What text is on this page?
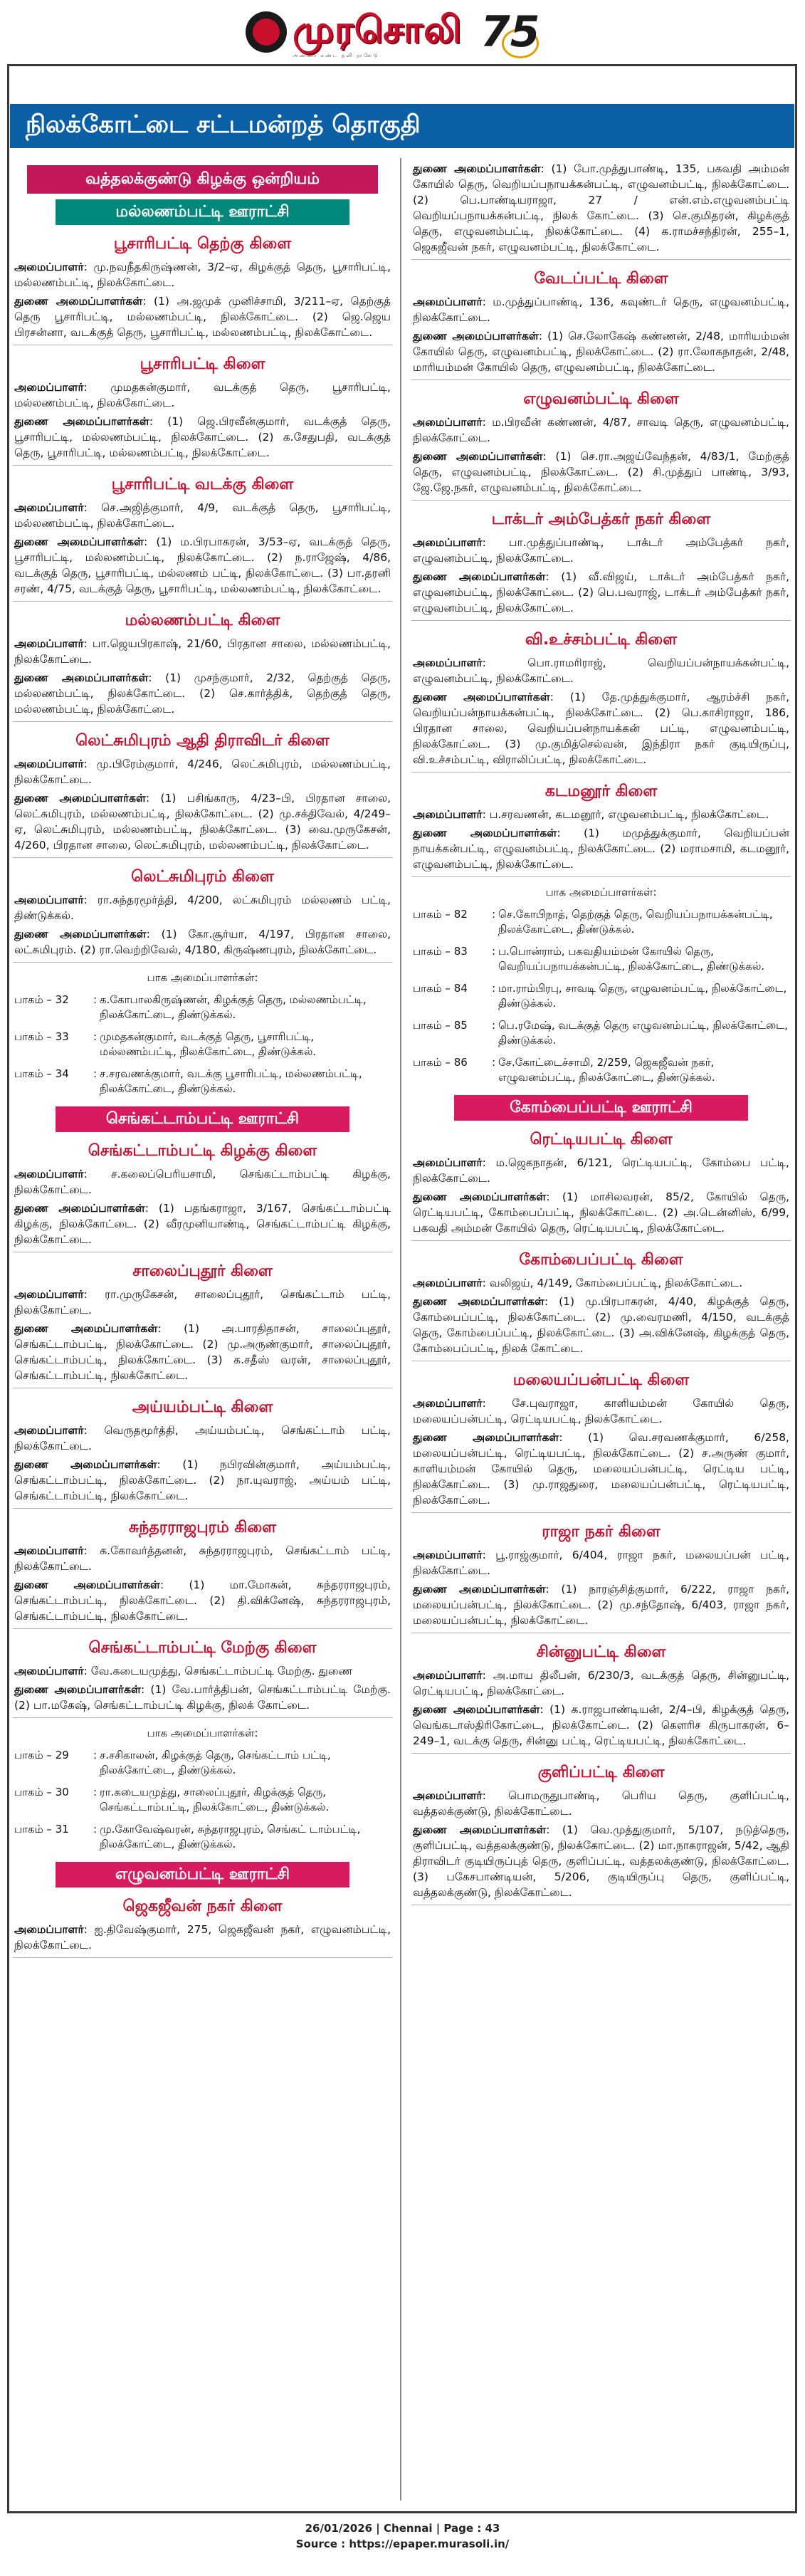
முரசொலி 75
அண்ணா கண்ட தனி நாளேடு
நிலக்கோட்டை சட்டமன்றத் தொகுதி
வத்தலக்குண்டு கிழக்கு ஒன்றியம்
மல்லணம்பட்டி ஊராட்சி
பூசாரிபட்டி தெற்கு கிளை

அமைப்பாளர்: மு.நவநீதகிருஷ்ணன், 3/2–ஏ, கிழக்குத் தெரு, பூசாரிபட்டி, மல்லணம்பட்டி, நிலக்கோட்டை.

துணை அமைப்பாளர்கள்: (1) அ.ஜமுக் முனிச்சாமி, 3/211–ஏ, தெற்குத் தெரு பூசாரிபட்டி, மல்லணம்பட்டி, நிலக்கோட்டை. (2) ஜெ.ஜெய பிரசன்னா, வடக்குத் தெரு, பூசாரிபட்டி, மல்லணம்பட்டி, நிலக்கோட்டை.

பூசாரிபட்டி கிளை

அமைப்பாளர்: முமதகன்குமார், வடக்குத் தெரு, பூசாரிபட்டி, மல்லணம்பட்டி, நிலக்கோட்டை.

துணை அமைப்பாளர்கள்: (1) ஜெ.பிரவீன்குமார், வடக்குத் தெரு, பூசாரிபட்டி, மல்லணம்பட்டி, நிலக்கோட்டை. (2) க.சேதுபதி, வடக்குத் தெரு, பூசாரிபட்டி, மல்லணம்பட்டி, நிலக்கோட்டை.

பூசாரிபட்டி வடக்கு கிளை

அமைப்பாளர்: செ.அஜித்குமார், 4/9, வடக்குத் தெரு, பூசாரிபட்டி, மல்லணம்பட்டி, நிலக்கோட்டை.

துணை அமைப்பாளர்கள்: (1) ம.பிரபாகரன், 3/53–ஏ, வடக்குத் தெரு, பூசாரிபட்டி, மல்லணம்பட்டி, நிலக்கோட்டை. (2) ந.ராஜேஷ், 4/86, வடக்குத் தெரு, பூசாரிபட்டி, மல்லணம் பட்டி, நிலக்கோட்டை. (3) பா.தரனி சரண், 4/75, வடக்குத் தெரு, பூசாரிபட்டி, மல்லணம்பட்டி, நிலக்கோட்டை.

மல்லணம்பட்டி கிளை

அமைப்பாளர்: பா.ஜெயபிரகாஷ், 21/60, பிரதான சாலை, மல்லணம்பட்டி, நிலக்கோட்டை.

துணை அமைப்பாளர்கள்: (1) முசந்குமார், 2/32, தெற்குத் தெரு, மல்லணம்பட்டி, நிலக்கோட்டை. (2) செ.கார்த்திக், தெற்குத் தெரு, மல்லணம்பட்டி, நிலக்கோட்டை.

லெட்சுமிபுரம் ஆதி திராவிடர் கிளை

அமைப்பாளர்: மு.பிரேம்குமார், 4/246, லெட்சுமிபுரம், மல்லணம்பட்டி, நிலக்கோட்டை.

துணை அமைப்பாளர்கள்: (1) பசிங்காரு, 4/23–பி, பிரதான சாலை, லெட்சுமிபுரம், மல்லணம்பட்டி, நிலக்கோட்டை. (2) மு.சக்திவேல், 4/249–ஏ, லெட்சுமிபுரம், மல்லணம்பட்டி, நிலக்கோட்டை. (3) வை.முருகேசன், 4/260, பிரதான சாலை, லெட்சுமிபுரம், மல்லணம்பட்டி, நிலக்கோட்டை.

லெட்சுமிபுரம் கிளை

அமைப்பாளர்: ரா.சுந்தரமூர்த்தி, 4/200, லட்சுமிபுரம் மல்லணம் பட்டி, திண்டுக்கல்.

துணை அமைப்பாளர்கள்: (1) கோ.சூர்யா, 4/197, பிரதான சாலை, லட்சுமிபுரம். (2) ரா.வெற்றிவேல், 4/180, கிருஷ்ணபுரம், நிலக்கோட்டை.

பாக அமைப்பாளர்கள்:
பாகம் – 32	:	க.கோபாலகிருஷ்ணன், கிழக்குத் தெரு, மல்லணம்பட்டி, நிலக்கோட்டை, திண்டுக்கல்.
பாகம் – 33	:	முமதகன்குமார், வடக்குத் தெரு, பூசாரிபட்டி, மல்லணம்பட்டி, நிலக்கோட்டை, திண்டுக்கல்.
பாகம் – 34	:	ச.சரவணக்குமார், வடக்கு பூசாரிபட்டி, மல்லணம்பட்டி, நிலக்கோட்டை, திண்டுக்கல்.
செங்கட்டாம்பட்டி ஊராட்சி
செங்கட்டாம்பட்டி கிழக்கு கிளை

அமைப்பாளர்: ச.கலைப்பெரியசாமி, செங்கட்டாம்பட்டி கிழக்கு, நிலக்கோட்டை.

துணை அமைப்பாளர்கள்: (1) பதங்கராஜா, 3/167, செங்கட்டாம்பட்டி கிழக்கு, நிலக்கோட்டை. (2) வீரமுனியாண்டி, செங்கட்டாம்பட்டி கிழக்கு, நிலக்கோட்டை.

சாலைப்புதூர் கிளை

அமைப்பாளர்: ரா.முருகேசன், சாலைப்புதூர், செங்கட்டாம் பட்டி, நிலக்கோட்டை.

துணை அமைப்பாளர்கள்: (1) அ.பாரதிதாசன், சாலைப்புதூர், செங்கட்டாம்பட்டி, நிலக்கோட்டை. (2) மு.அருண்குமார், சாலைப்புதூர், செங்கட்டாம்பட்டி, நிலக்கோட்டை. (3) க.சதீஸ் வரன், சாலைப்புதூர், செங்கட்டாம்பட்டி, நிலக்கோட்டை.

அய்யம்பட்டி கிளை

அமைப்பாளர்: வெருதமூர்த்தி, அய்யம்பட்டி, செங்கட்டாம் பட்டி, நிலக்கோட்டை.

துணை அமைப்பாளர்கள்: (1) நபிரவின்குமார், அய்யம்பட்டி, செங்கட்டாம்பட்டி, நிலக்கோட்டை. (2) நா.யுவராஜ், அய்யம் பட்டி, செங்கட்டாம்பட்டி, நிலக்கோட்டை.

சுந்தரராஜபுரம் கிளை

அமைப்பாளர்: க.கோவர்த்தனன், சுந்தரராஜபுரம், செங்கட்டாம் பட்டி, நிலக்கோட்டை.

துணை அமைப்பாளர்கள்: (1) மா.மோகன், சுந்தரராஜபுரம், செங்கட்டாம்பட்டி, நிலக்கோட்டை. (2) தி.விக்னேஷ், சுந்தரராஜபுரம், செங்கட்டாம்பட்டி, நிலக்கோட்டை.

செங்கட்டாம்பட்டி மேற்கு கிளை

அமைப்பாளர்: வே.கடையமுத்து, செங்கட்டாம்பட்டி மேற்கு. துணை

துணை அமைப்பாளர்கள்: (1) வே.பார்த்திபன், செங்கட்டாம்பட்டி மேற்கு. (2) பா.மகேஷ், செங்கட்டாம்பட்டி கிழக்கு, நிலக் கோட்டை.

பாக அமைப்பாளர்கள்:
பாகம் – 29	:	ச.சசிகாலன், கிழக்குத் தெரு, செங்கட்டாம் பட்டி, நிலக்கோட்டை, திண்டுக்கல்.
பாகம் – 30	:	ரா.கடையமுத்து, சாலைப்புதூர், கிழக்குத் தெரு, செங்கட்டாம்பட்டி, நிலக்கோட்டை, திண்டுக்கல்.
பாகம் – 31	:	மு.கோவேஷ்வரன், சுந்தராஜபுரம், செங்கட் டாம்பட்டி, நிலக்கோட்டை, திண்டுக்கல்.
எழுவனம்பட்டி ஊராட்சி
ஜெகஜீவன் நகர் கிளை

அமைப்பாளர்: ஐ.திவேஷ்குமார், 275, ஜெகஜீவன் நகர், எழுவனம்பட்டி, நிலக்கோட்டை.

துணை அமைப்பாளர்கள்: (1) போ.முத்துபாண்டி, 135, பகவதி அம்மன் கோயில் தெரு, வெறியப்பநாயக்கன்பட்டி, எழுவனம்பட்டி, நிலக்கோட்டை. (2) பெ.பாண்டியராஜா, 27 / என்.எம்.எழுவனம்பட்டி வெறியப்பநாயக்கன்பட்டி, நிலக் கோட்டை. (3) செ.குமிதரன், கிழக்குத் தெரு, எழுவனம்பட்டி, நிலக்கோட்டை. (4) க.ராமச்சந்திரன், 255–1, ஜெகஜீவன் நகர், எழுவனம்பட்டி, நிலக்கோட்டை.

வேடப்பட்டி கிளை

அமைப்பாளர்: ம.முத்துப்பாண்டி, 136, கவுண்டர் தெரு, எழுவனம்பட்டி, நிலக்கோட்டை.

துணை அமைப்பாளர்கள்: (1) செ.லோகேஷ் கண்ணன், 2/48, மாரியம்மன் கோயில் தெரு, எழுவனம்பட்டி, நிலக்கோட்டை. (2) ரா.லோகநாதன், 2/48, மாரியம்மன் கோயில் தெரு, எழுவனம்பட்டி, நிலக்கோட்டை.

எழுவனம்பட்டி கிளை

அமைப்பாளர்: ம.பிரவீன் கண்ணன், 4/87, சாவடி தெரு, எழுவனம்பட்டி, நிலக்கோட்டை.

துணை அமைப்பாளர்கள்: (1) செ.ரா.அஜய்வேந்தன், 4/83/1, மேற்குத் தெரு, எழுவனம்பட்டி, நிலக்கோட்டை. (2) சி.முத்துப் பாண்டி, 3/93, ஜே.ஜே.நகர், எழுவனம்பட்டி, நிலக்கோட்டை.

டாக்டர் அம்பேத்கர் நகர் கிளை

அமைப்பாளர்: பா.முத்துப்பாண்டி, டாக்டர் அம்பேத்கர் நகர், எழுவனம்பட்டி, நிலக்கோட்டை.

துணை அமைப்பாளர்கள்: (1) வீ.விஜய், டாக்டர் அம்பேத்கர் நகர், எழுவனம்பட்டி, நிலக்கோட்டை. (2) பெ.பவராஜ், டாக்டர் அம்பேத்கர் நகர், எழுவனம்பட்டி, நிலக்கோட்டை.

வி.உச்சம்பட்டி கிளை

அமைப்பாளர்: பொ.ராமரிராஜ், வெறியப்பன்நாயக்கன்பட்டி, எழுவனம்பட்டி, நிலக்கோட்டை.

துணை அமைப்பாளர்கள்: (1) தே.முத்துக்குமார், ஆரம்ச்சி நகர், வெறியப்பன்நாயக்கன்பட்டி, நிலக்கோட்டை. (2) பெ.காசிராஜா, 186, பிரதான சாலை, வெறியப்பன்நாயக்கன் பட்டி, எழுவனம்பட்டி, நிலக்கோட்டை. (3) மு.குமித்செல்வன், இந்திரா நகர் குடியிருப்பு, வி.உச்சம்பட்டி, விராலிப்பட்டி, நிலக்கோட்டை.

கடமனூர் கிளை

அமைப்பாளர்: ப.சரவணன், கடமனூர், எழுவனம்பட்டி, நிலக்கோட்டை.

துணை அமைப்பாளர்கள்: (1) மமுத்துக்குமார், வெறியப்பன் நாயக்கன்பட்டி, எழுவனம்பட்டி, நிலக்கோட்டை. (2) மராமசாமி, கடமனூர், எழுவனம்பட்டி, நிலக்கோட்டை.

பாக அமைப்பாளர்கள்:
பாகம் – 82	:	செ.கோபிநாத், தெற்குத் தெரு, வெறியப்பநாயக்கன்பட்டி, நிலக்கோட்டை, திண்டுக்கல்.
பாகம் – 83	:	ப.பொன்ராம், பகவதியம்மன் கோயில் தெரு, வெறியப்பநாயக்கன்பட்டி, நிலக்கோட்டை, திண்டுக்கல்.
பாகம் – 84	:	மா.ராம்பிரபு, சாவடி தெரு, எழுவனம்பட்டி, நிலக்கோட்டை, திண்டுக்கல்.
பாகம் – 85	:	பெ.ரமேஷ், வடக்குத் தெரு எழுவனம்பட்டி, நிலக்கோட்டை, திண்டுக்கல்.
பாகம் – 86	:	சே.கோட்டைச்சாமி, 2/259, ஜெகஜீவன் நகர், எழுவனம்பட்டி, நிலக்கோட்டை, திண்டுக்கல்.
கோம்பைப்பட்டி ஊராட்சி
ரெட்டியபட்டி கிளை

அமைப்பாளர்: ம.ஜெகநாதன், 6/121, ரெட்டியபட்டி, கோம்பை பட்டி, நிலக்கோட்டை.

துணை அமைப்பாளர்கள்: (1) மாசிலவரன், 85/2, கோயில் தெரு, ரெட்டியபட்டி, கோம்பைப்பட்டி, நிலக்கோட்டை. (2) அ.டென்னிஸ், 6/99, பகவதி அம்மன் கோயில் தெரு, ரெட்டியபட்டி, நிலக்கோட்டை.

கோம்பைப்பட்டி கிளை

அமைப்பாளர்: வலிஜய், 4/149, கோம்பைப்பட்டி, நிலக்கோட்டை.

துணை அமைப்பாளர்கள்: (1) மு.பிரபாகரன், 4/40, கிழக்குத் தெரு, கோம்பைப்பட்டி, நிலக்கோட்டை. (2) மு.வைரமணி, 4/150, வடக்குத் தெரு, கோம்பைப்பட்டி, நிலக்கோட்டை. (3) அ.விக்னேஷ், கிழக்குத் தெரு, கோம்பைப்பட்டி, நிலக் கோட்டை.

மலையப்பன்பட்டி கிளை

அமைப்பாளர்: சே.புவராஜா, காளியம்மன் கோயில் தெரு, மலையப்பன்பட்டி, ரெட்டியபட்டி, நிலக்கோட்டை.

துணை அமைப்பாளர்கள்: (1) வெ.சரவணக்குமார், 6/258, மலையப்பன்பட்டி, ரெட்டியபட்டி, நிலக்கோட்டை. (2) ச.அருண் குமார், காளியம்மன் கோயில் தெரு, மலையப்பன்பட்டி, ரெட்டிய பட்டி, நிலக்கோட்டை. (3) மு.ராஜதுரை, மலையப்பன்பட்டி, ரெட்டியபட்டி, நிலக்கோட்டை.

ராஜா நகர் கிளை

அமைப்பாளர்: பூ.ராஜ்குமார், 6/404, ராஜா நகர், மலையப்பன் பட்டி, நிலக்கோட்டை.

துணை அமைப்பாளர்கள்: (1) நாரஞ்சித்குமார், 6/222, ராஜா நகர், மலையப்பன்பட்டி, நிலக்கோட்டை. (2) மு.சந்தோஷ், 6/403, ராஜா நகர், மலையப்பன்பட்டி, நிலக்கோட்டை.

சின்னுபட்டி கிளை

அமைப்பாளர்: அ.மாய திலீபன், 6/230/3, வடக்குத் தெரு, சின்னுபட்டி, ரெட்டியபட்டி, நிலக்கோட்டை.

துணை அமைப்பாளர்கள்: (1) க.ராஜபாண்டியன், 2/4–பி, கிழக்குத் தெரு, வெங்கடாஸ்திரிகோட்டை, நிலக்கோட்டை. (2) கெளரிச கிருபாகரன், 6–249–1, வடக்கு தெரு, சின்னு பட்டி, ரெட்டியபட்டி, நிலக்கோட்டை.

குளிப்பட்டி கிளை

அமைப்பாளர்: பொமருதுபாண்டி, பெரிய தெரு, குளிப்பட்டி, வத்தலக்குண்டு, நிலக்கோட்டை.

துணை அமைப்பாளர்கள்: (1) வெ.முத்துகுமார், 5/107, நடுத்தெரு, குளிப்பட்டி, வத்தலக்குண்டு, நிலக்கோட்டை. (2) மா.நாகராஜன், 5/42, ஆதி திராவிடர் குடியிருப்புத் தெரு, குளிப்பட்டி, வத்தலக்குண்டு, நிலக்கோட்டை. (3) பகேசபாண்டியன், 5/206, குடியிருப்பு தெரு, குளிப்பட்டி, வத்தலக்குண்டு, நிலக்கோட்டை.

26/01/2026 | Chennai | Page : 43
Source : https://epaper.murasoli.in/
